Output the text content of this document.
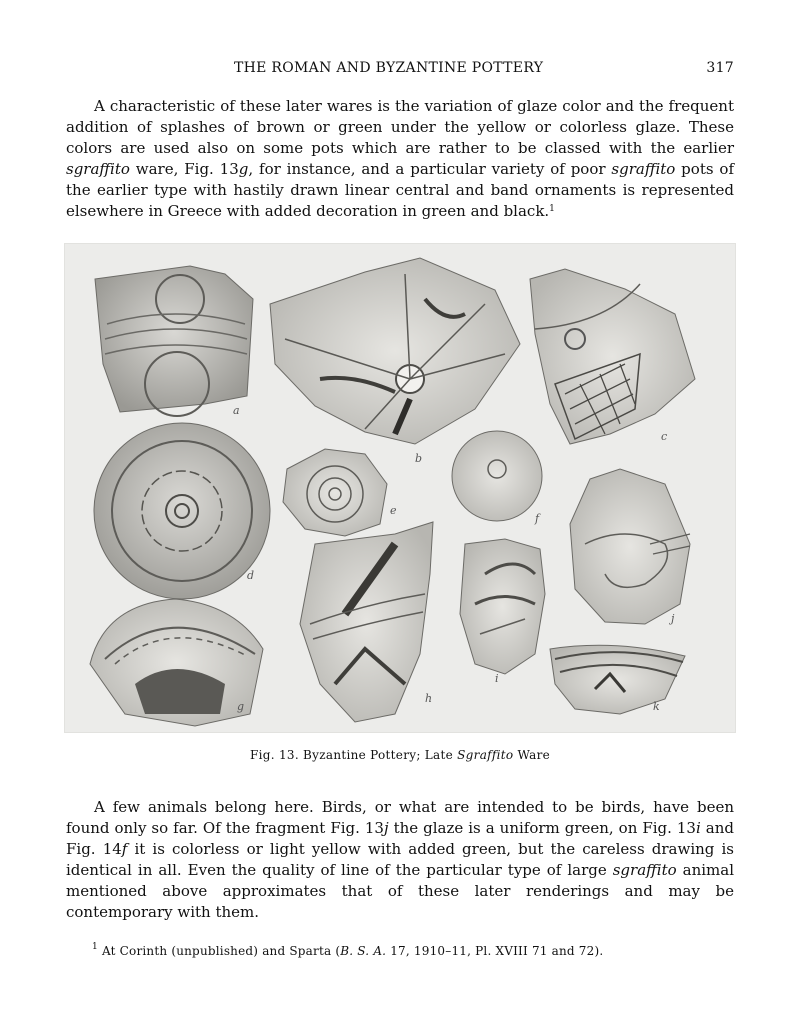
THE ROMAN AND BYZANTINE POTTERY	317

A characteristic of these later wares is the variation of glaze color and the frequent addition of splashes of brown or green under the yellow or colorless glaze. These colors are used also on some pots which are rather to be classed with the earlier sgraffito ware, Fig. 13g, for instance, and a particular variety of poor sgraffito pots of the earlier type with hastily drawn linear central and band ornaments is represented elsewhere in Greece with added decoration in green and black.$^1$

a
b
c
d
e
f
j
h
i
g	k
Fig. 13. Byzantine Pottery; Late Sgraffito Ware

A few animals belong here. Birds, or what are intended to be birds, have been found only so far. Of the fragment Fig. 13j the glaze is a uniform green, on Fig. 13i and Fig. 14f it is colorless or light yellow with added green, but the careless drawing is identical in all. Even the quality of line of the particular type of large sgraffito animal mentioned above approximates that of these later renderings and may be contemporary with them.

$^1$ At Corinth (unpublished) and Sparta (B. S. A. 17, 1910–11, Pl. XVIII 71 and 72).
